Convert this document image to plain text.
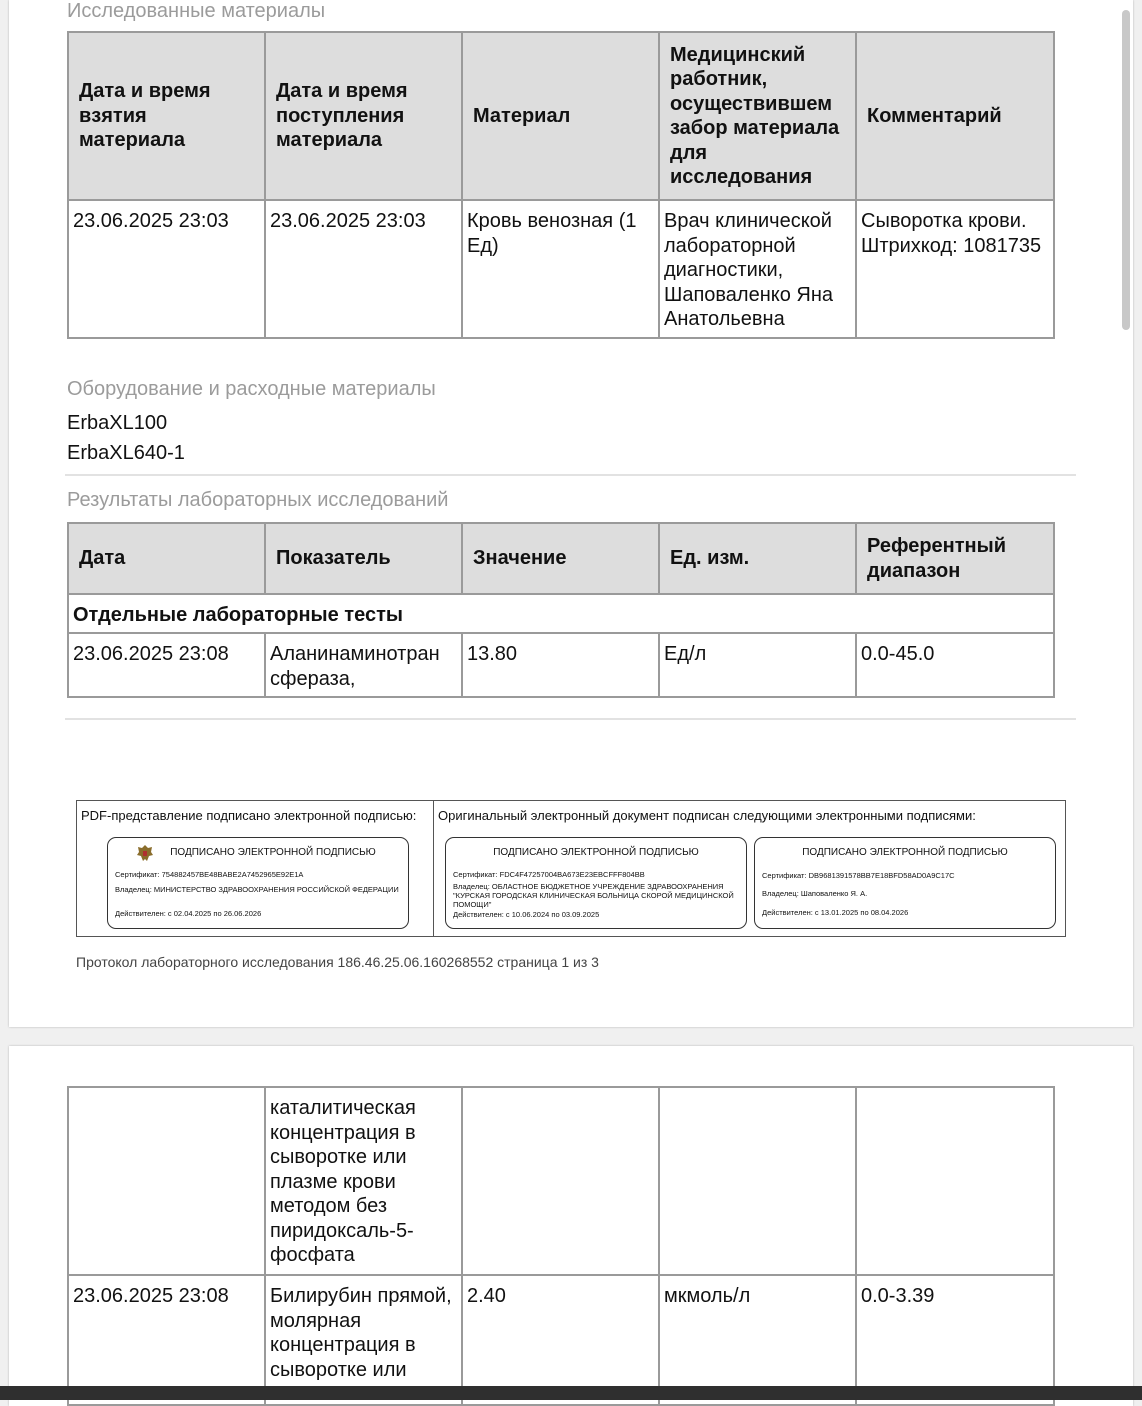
Исследованные материалы
Дата и время взятия материала	Дата и время поступления материала	Материал	Медицинский работник, осуществившем забор материала для исследования	Комментарий
23.06.2025 23:03	23.06.2025 23:03	Кровь венозная (1 Ед)	Врач клинической лабораторной диагностики, Шаповаленко Яна Анатольевна	Сыворотка крови. Штрихкод: 1081735
Оборудование и расходные материалы
ErbaXL100
ErbaXL640-1
Результаты лабораторных исследований
Дата	Показатель	Значение	Ед. изм.	Референтный диапазон
Отдельные лабораторные тесты				
23.06.2025 23:08	Аланинаминотран сфераза,	13.80	Ед/л	0.0-45.0
PDF-представление подписано электронной подписью:
ПОДПИСАНО ЭЛЕКТРОННОЙ ПОДПИСЬЮ
Сертификат: 754882457BE48BABE2A7452965E92E1A
Владелец: МИНИСТЕРСТВО ЗДРАВООХРАНЕНИЯ РОССИЙСКОЙ ФЕДЕРАЦИИ
Действителен: с 02.04.2025 по 26.06.2026
Оригинальный электронный документ подписан следующими электронными подписями:
ПОДПИСАНО ЭЛЕКТРОННОЙ ПОДПИСЬЮ
Сертификат: FDC4F47257004BA673E23EBCFFF804BB
Владелец: ОБЛАСТНОЕ БЮДЖЕТНОЕ УЧРЕЖДЕНИЕ ЗДРАВООХРАНЕНИЯ "КУРСКАЯ ГОРОДСКАЯ КЛИНИЧЕСКАЯ БОЛЬНИЦА СКОРОЙ МЕДИЦИНСКОЙ ПОМОЩИ"
Действителен: с 10.06.2024 по 03.09.2025
ПОДПИСАНО ЭЛЕКТРОННОЙ ПОДПИСЬЮ
Сертификат: DB9681391578BB7E18BFD58AD0A9C17C
Владелец: Шаповаленко Я. А.
Действителен: с 13.01.2025 по 08.04.2026
Протокол лабораторного исследования 186.46.25.06.160268552 страница 1 из 3
	каталитическая концентрация в сыворотке или плазме крови методом без пиридоксаль-5-фосфата			
23.06.2025 23:08	Билирубин прямой, молярная концентрация в сыворотке или	2.40	мкмоль/л	0.0-3.39
